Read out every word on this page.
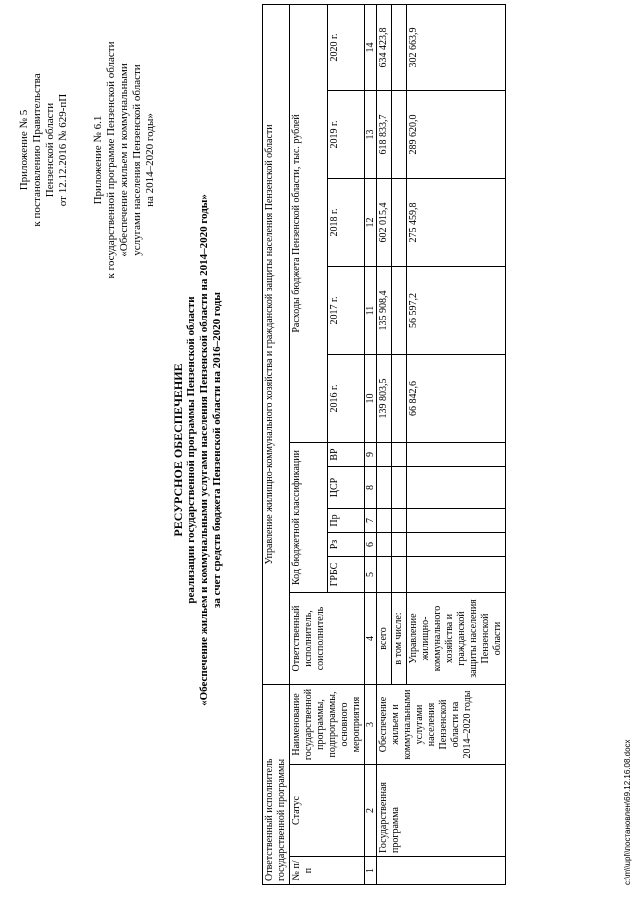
Приложение № 5 к постановлению Правительства Пензенской области от 12.12.2016 № 629-пП Приложение № 6.1 к государственной программе Пензенской области «Обеспечение жильем и коммунальными услугами населения Пензенской области на 2014–2020 годы»
РЕСУРСНОЕ ОБЕСПЕЧЕНИЕ реализации государственной программы Пензенской области «Обеспечение жильем и коммунальными услугами населения Пензенской области на 2014–2020 годы» за счет средств бюджета Пензенской области на 2016–2020 годы
Ответственный исполнитель государственной программы			Управление жилищно-коммунального хозяйства и гражданской защиты населения Пензенской области										
№ п/п	Статус	Наименование государственной программы, подпрограммы, основного мероприятия	Ответственный исполнитель, соисполнитель	Код бюджетной классификации					Расходы бюджета Пензенской области, тыс. рублей				
				ГРБС	Рз	Пр	ЦСР	ВР	2016 г.	2017 г.	2018 г.	2019 г.	2020 г.
1	2	3	4	5	6	7	8	9	10	11	12	13	14
	Государственная программа	Обеспечение жильем и коммунальными услугами населения Пензенской области на 2014–2020 годы	всего						139 803,5	135 908,4	602 015,4	618 833,7	634 423,8
			в том числе:										
			Управление жилищно-коммунального хозяйства и гражданской защиты населения Пензенской области						66 842,6	56 597,2	275 459,8	289 620,0	302 663,9
c:\m\\upl\\постановлен\69.12.16.08.docx
